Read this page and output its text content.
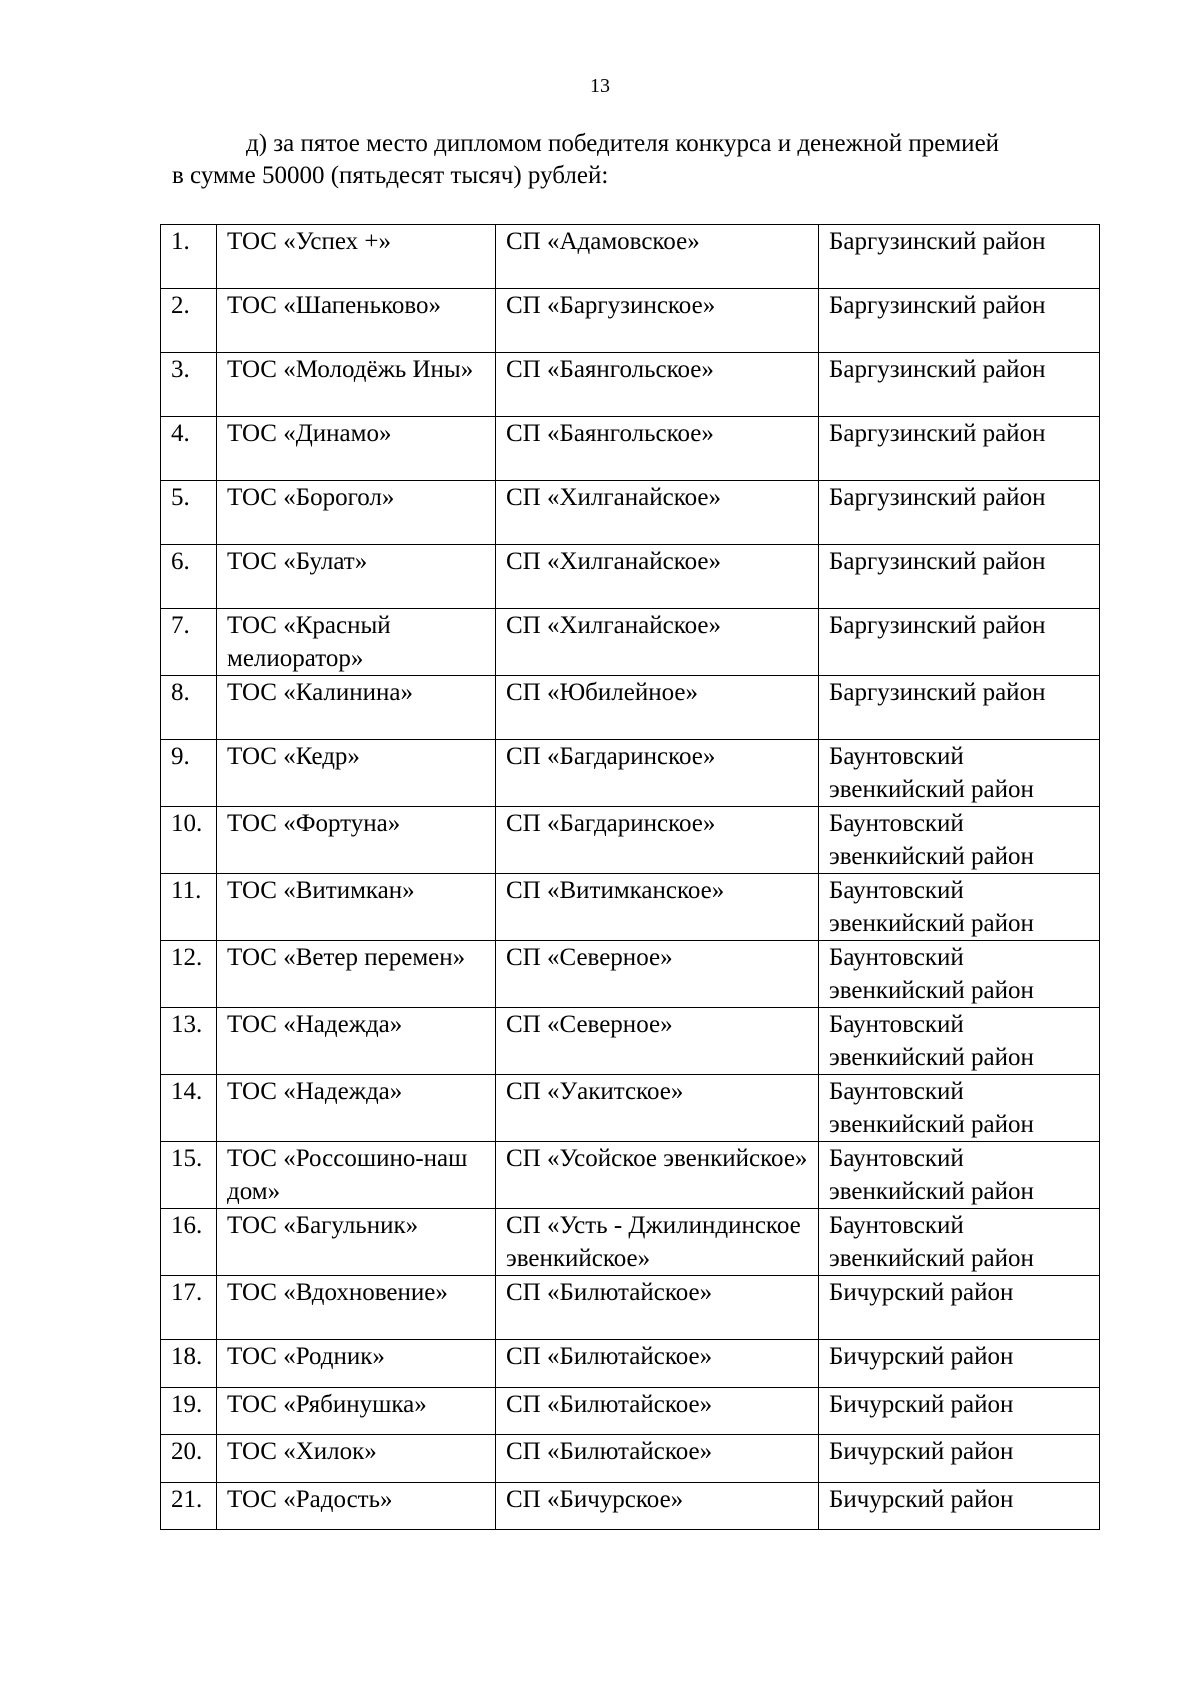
13
д) за пятое место дипломом победителя конкурса и денежной премией
в сумме 50000 (пятьдесят тысяч) рублей:
1.	ТОС «Успех +»	СП «Адамовское»	Баргузинский район
2.	ТОС «Шапеньково»	СП «Баргузинское»	Баргузинский район
3.	ТОС «Молодёжь Ины»	СП «Баянгольское»	Баргузинский район
4.	ТОС «Динамо»	СП «Баянгольское»	Баргузинский район
5.	ТОС «Борогол»	СП «Хилганайское»	Баргузинский район
6.	ТОС «Булат»	СП «Хилганайское»	Баргузинский район
7.	ТОС «Красный мелиоратор»	СП «Хилганайское»	Баргузинский район
8.	ТОС «Калинина»	СП «Юбилейное»	Баргузинский район
9.	ТОС «Кедр»	СП «Багдаринское»	Баунтовский эвенкийский район
10.	ТОС «Фортуна»	СП «Багдаринское»	Баунтовский эвенкийский район
11.	ТОС «Витимкан»	СП «Витимканское»	Баунтовский эвенкийский район
12.	ТОС «Ветер перемен»	СП «Северное»	Баунтовский эвенкийский район
13.	ТОС «Надежда»	СП «Северное»	Баунтовский эвенкийский район
14.	ТОС «Надежда»	СП «Уакитское»	Баунтовский эвенкийский район
15.	ТОС «Россошино-наш дом»	СП «Усойское эвенкийское»	Баунтовский эвенкийский район
16.	ТОС «Багульник»	СП «Усть - Джилиндинское эвенкийское»	Баунтовский эвенкийский район
17.	ТОС «Вдохновение»	СП «Билютайское»	Бичурский район
18.	ТОС «Родник»	СП «Билютайское»	Бичурский район
19.	ТОС «Рябинушка»	СП «Билютайское»	Бичурский район
20.	ТОС «Хилок»	СП «Билютайское»	Бичурский район
21.	ТОС «Радость»	СП «Бичурское»	Бичурский район
